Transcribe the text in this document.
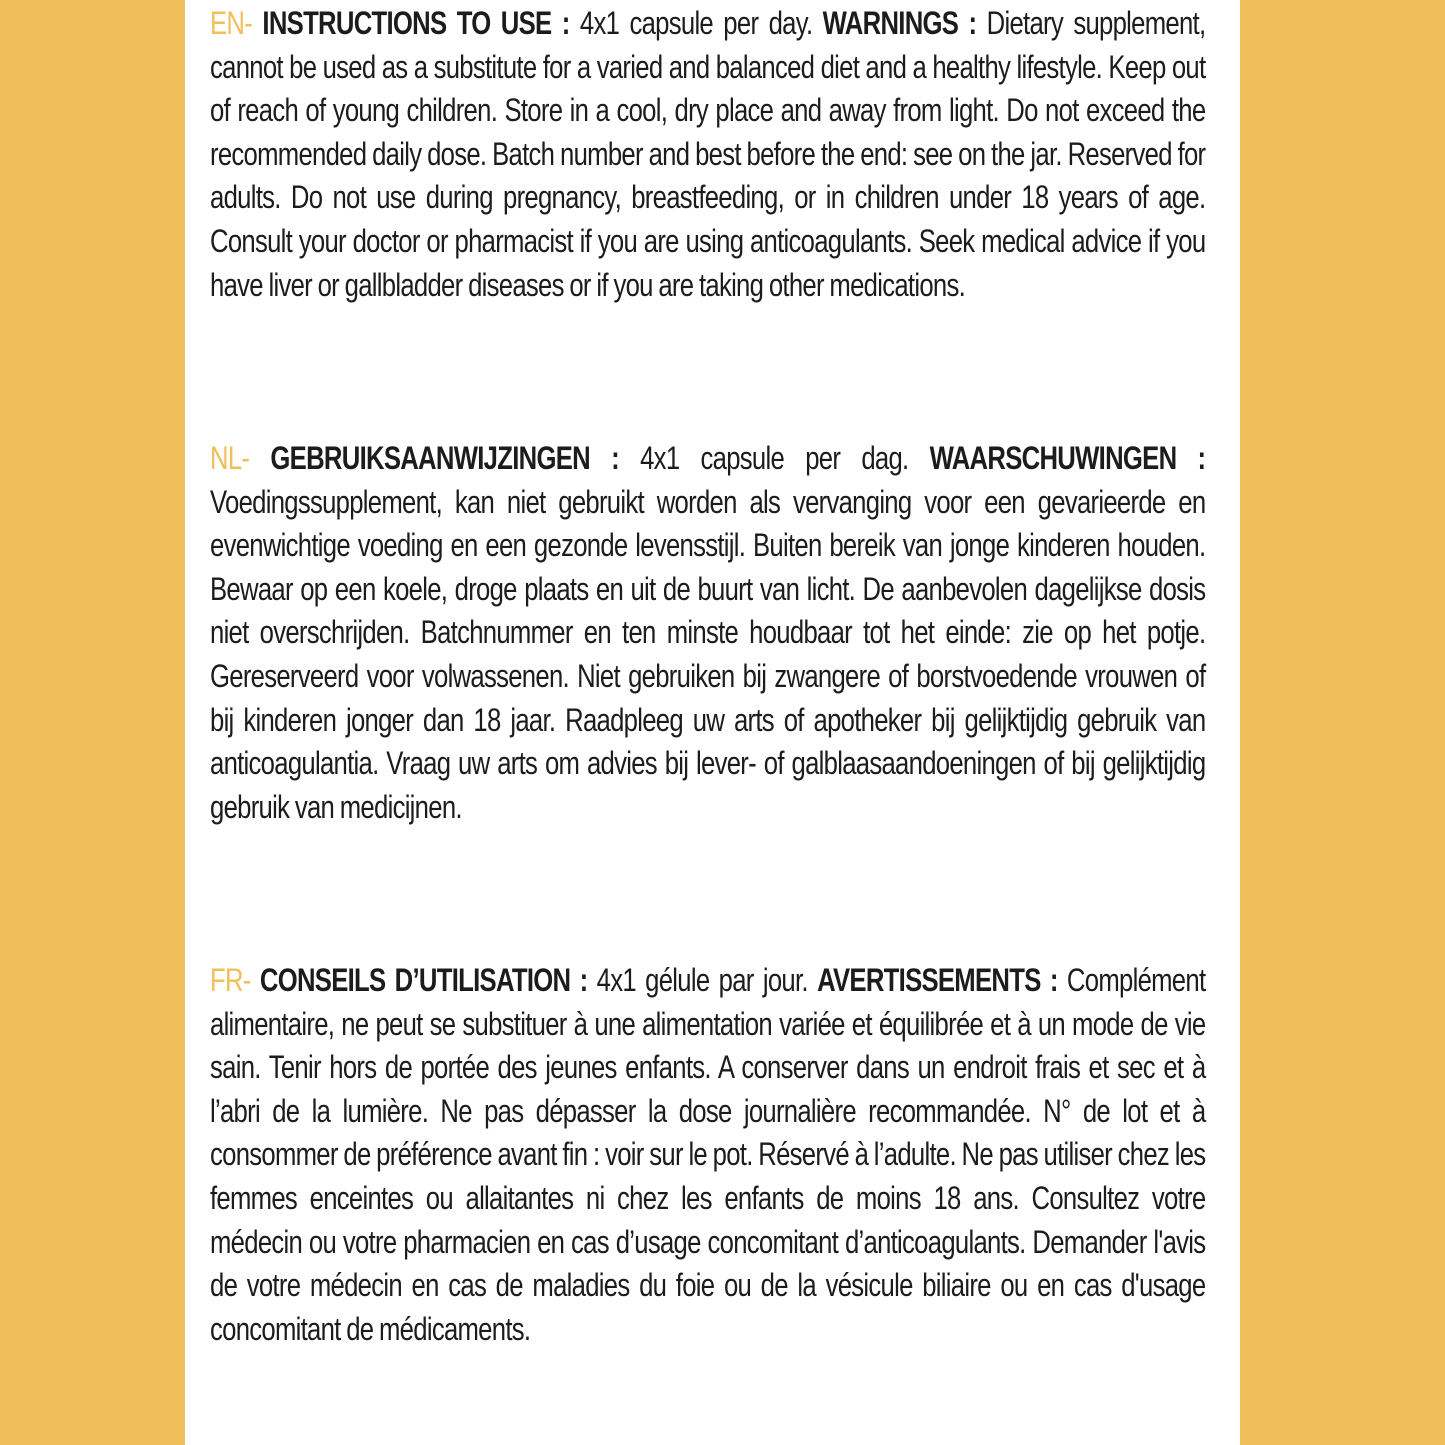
EN- INSTRUCTIONS TO USE : 4x1 capsule per day. WARNINGS : Dietary supplement, cannot be used as a substitute for a varied and balanced diet and a healthy lifestyle. Keep out of reach of young children. Store in a cool, dry place and away from light. Do not exceed the recommended daily dose. Batch number and best before the end: see on the jar. Reserved for adults. Do not use during pregnancy, breastfeeding, or in children under 18 years of age. Consult your doctor or pharmacist if you are using anticoagulants. Seek medical advice if you have liver or gallbladder diseases or if you are taking other medications.
NL- GEBRUIKSAANWIJZINGEN : 4x1 capsule per dag. WAARSCHUWINGEN : Voedingssupplement, kan niet gebruikt worden als vervanging voor een gevarieerde en evenwichtige voeding en een gezonde levensstijl. Buiten bereik van jonge kinderen houden. Bewaar op een koele, droge plaats en uit de buurt van licht. De aanbevolen dagelijkse dosis niet overschrijden. Batchnummer en ten minste houdbaar tot het einde: zie op het potje. Gereserveerd voor volwassenen. Niet gebruiken bij zwangere of borstvoedende vrouwen of bij kinderen jonger dan 18 jaar. Raadpleeg uw arts of apotheker bij gelijktijdig gebruik van anticoagulantia. Vraag uw arts om advies bij lever- of galblaasaandoeningen of bij gelijktijdig gebruik van medicijnen.
FR- CONSEILS D’UTILISATION : 4x1 gélule par jour. AVERTISSEMENTS : Complément alimentaire, ne peut se substituer à une alimentation variée et équilibrée et à un mode de vie sain. Tenir hors de portée des jeunes enfants. A conserver dans un endroit frais et sec et à l’abri de la lumière. Ne pas dépasser la dose journalière recommandée. N° de lot et à consommer de préférence avant fin : voir sur le pot. Réservé à l’adulte. Ne pas utiliser chez les femmes enceintes ou allaitantes ni chez les enfants de moins 18 ans. Consultez votre médecin ou votre pharmacien en cas d’usage concomitant d’anticoagulants. Demander l'avis de votre médecin en cas de maladies du foie ou de la vésicule biliaire ou en cas d'usage concomitant de médicaments.
